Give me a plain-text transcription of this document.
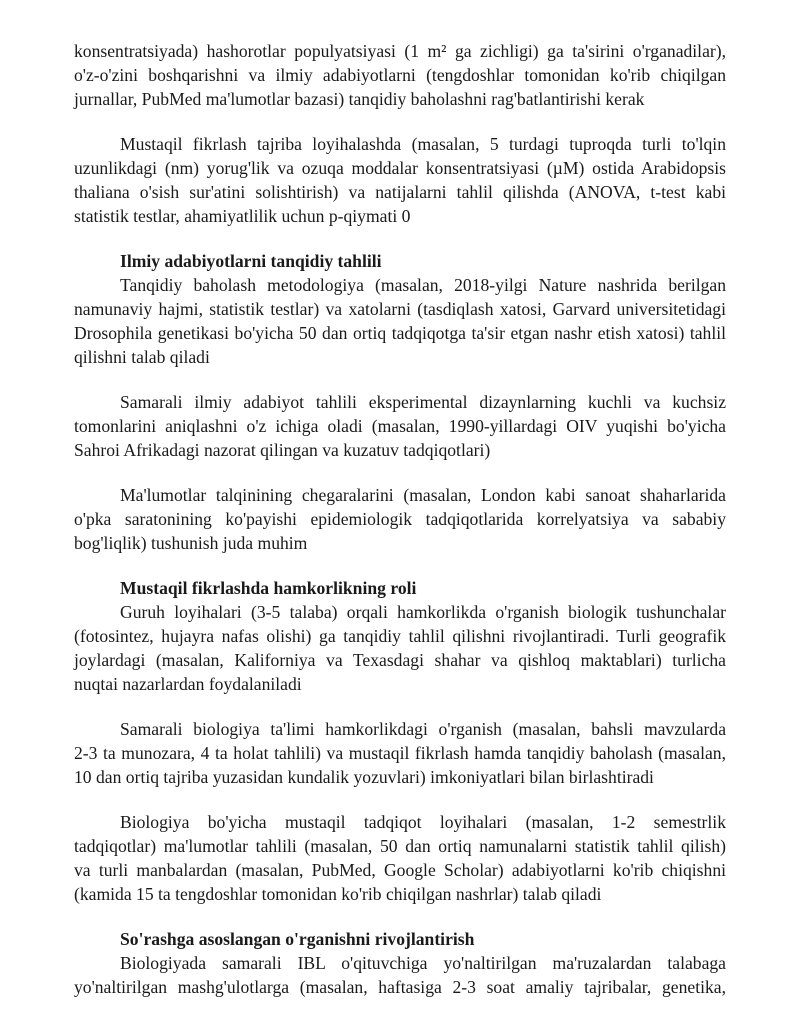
konsentratsiyada) hashorotlar populyatsiyasi (1 m² ga zichligi) ga ta'sirini o'rganadilar),
o'z-o'zini boshqarishni va ilmiy adabiyotlarni (tengdoshlar tomonidan ko'rib chiqilgan
jurnallar, PubMed ma'lumotlar bazasi) tanqidiy baholashni rag'batlantirishi kerak

Mustaqil fikrlash tajriba loyihalashda (masalan, 5 turdagi tuproqda turli to'lqin
uzunlikdagi (nm) yorug'lik va ozuqa moddalar konsentratsiyasi (µM) ostida Arabidopsis
thaliana o'sish sur'atini solishtirish) va natijalarni tahlil qilishda (ANOVA, t-test kabi
statistik testlar, ahamiyatlilik uchun p-qiymati 0

Ilmiy adabiyotlarni tanqidiy tahlili

Tanqidiy baholash metodologiya (masalan, 2018-yilgi Nature nashrida berilgan
namunaviy hajmi, statistik testlar) va xatolarni (tasdiqlash xatosi, Garvard universitetidagi
Drosophila genetikasi bo'yicha 50 dan ortiq tadqiqotga ta'sir etgan nashr etish xatosi) tahlil
qilishni talab qiladi

Samarali ilmiy adabiyot tahlili eksperimental dizaynlarning kuchli va kuchsiz
tomonlarini aniqlashni o'z ichiga oladi (masalan, 1990-yillardagi OIV yuqishi bo'yicha
Sahroi Afrikadagi nazorat qilingan va kuzatuv tadqiqotlari)

Ma'lumotlar talqinining chegaralarini (masalan, London kabi sanoat shaharlarida
o'pka saratonining ko'payishi epidemiologik tadqiqotlarida korrelyatsiya va sababiy
bog'liqlik) tushunish juda muhim

Mustaqil fikrlashda hamkorlikning roli

Guruh loyihalari (3-5 talaba) orqali hamkorlikda o'rganish biologik tushunchalar
(fotosintez, hujayra nafas olishi) ga tanqidiy tahlil qilishni rivojlantiradi. Turli geografik
joylardagi (masalan, Kaliforniya va Texasdagi shahar va qishloq maktablari) turlicha
nuqtai nazarlardan foydalaniladi

Samarali biologiya ta'limi hamkorlikdagi o'rganish (masalan, bahsli mavzularda
2-3 ta munozara, 4 ta holat tahlili) va mustaqil fikrlash hamda tanqidiy baholash (masalan,
10 dan ortiq tajriba yuzasidan kundalik yozuvlari) imkoniyatlari bilan birlashtiradi

Biologiya bo'yicha mustaqil tadqiqot loyihalari (masalan, 1-2 semestrlik
tadqiqotlar) ma'lumotlar tahlili (masalan, 50 dan ortiq namunalarni statistik tahlil qilish)
va turli manbalardan (masalan, PubMed, Google Scholar) adabiyotlarni ko'rib chiqishni
(kamida 15 ta tengdoshlar tomonidan ko'rib chiqilgan nashrlar) talab qiladi

So'rashga asoslangan o'rganishni rivojlantirish

Biologiyada samarali IBL o'qituvchiga yo'naltirilgan ma'ruzalardan talabaga
yo'naltirilgan mashg'ulotlarga (masalan, haftasiga 2-3 soat amaliy tajribalar, genetika,
